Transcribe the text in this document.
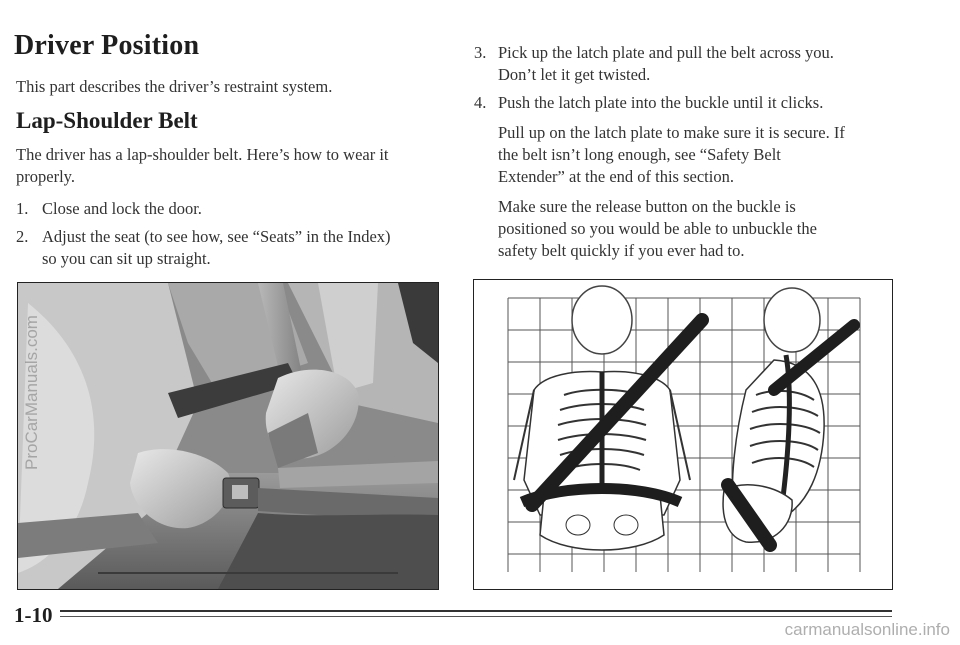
Driver Position

This part describes the driver’s restraint system.

Lap-Shoulder Belt

The driver has a lap-shoulder belt. Here’s how to wear it

properly.

1. Close and lock the door.

2. Adjust the seat (to see how, see “Seats” in the Index)

so you can sit up straight.

3. Pick up the latch plate and pull the belt across you.

Don’t let it get twisted.

4. Push the latch plate into the buckle until it clicks.

Pull up on the latch plate to make sure it is secure. If

the belt isn’t long enough, see “Safety Belt

Extender” at the end of this section.

Make sure the release button on the buckle is

positioned so you would be able to unbuckle the

safety belt quickly if you ever had to.

ProCarManuals.com
1-10
carmanualsonline.info
